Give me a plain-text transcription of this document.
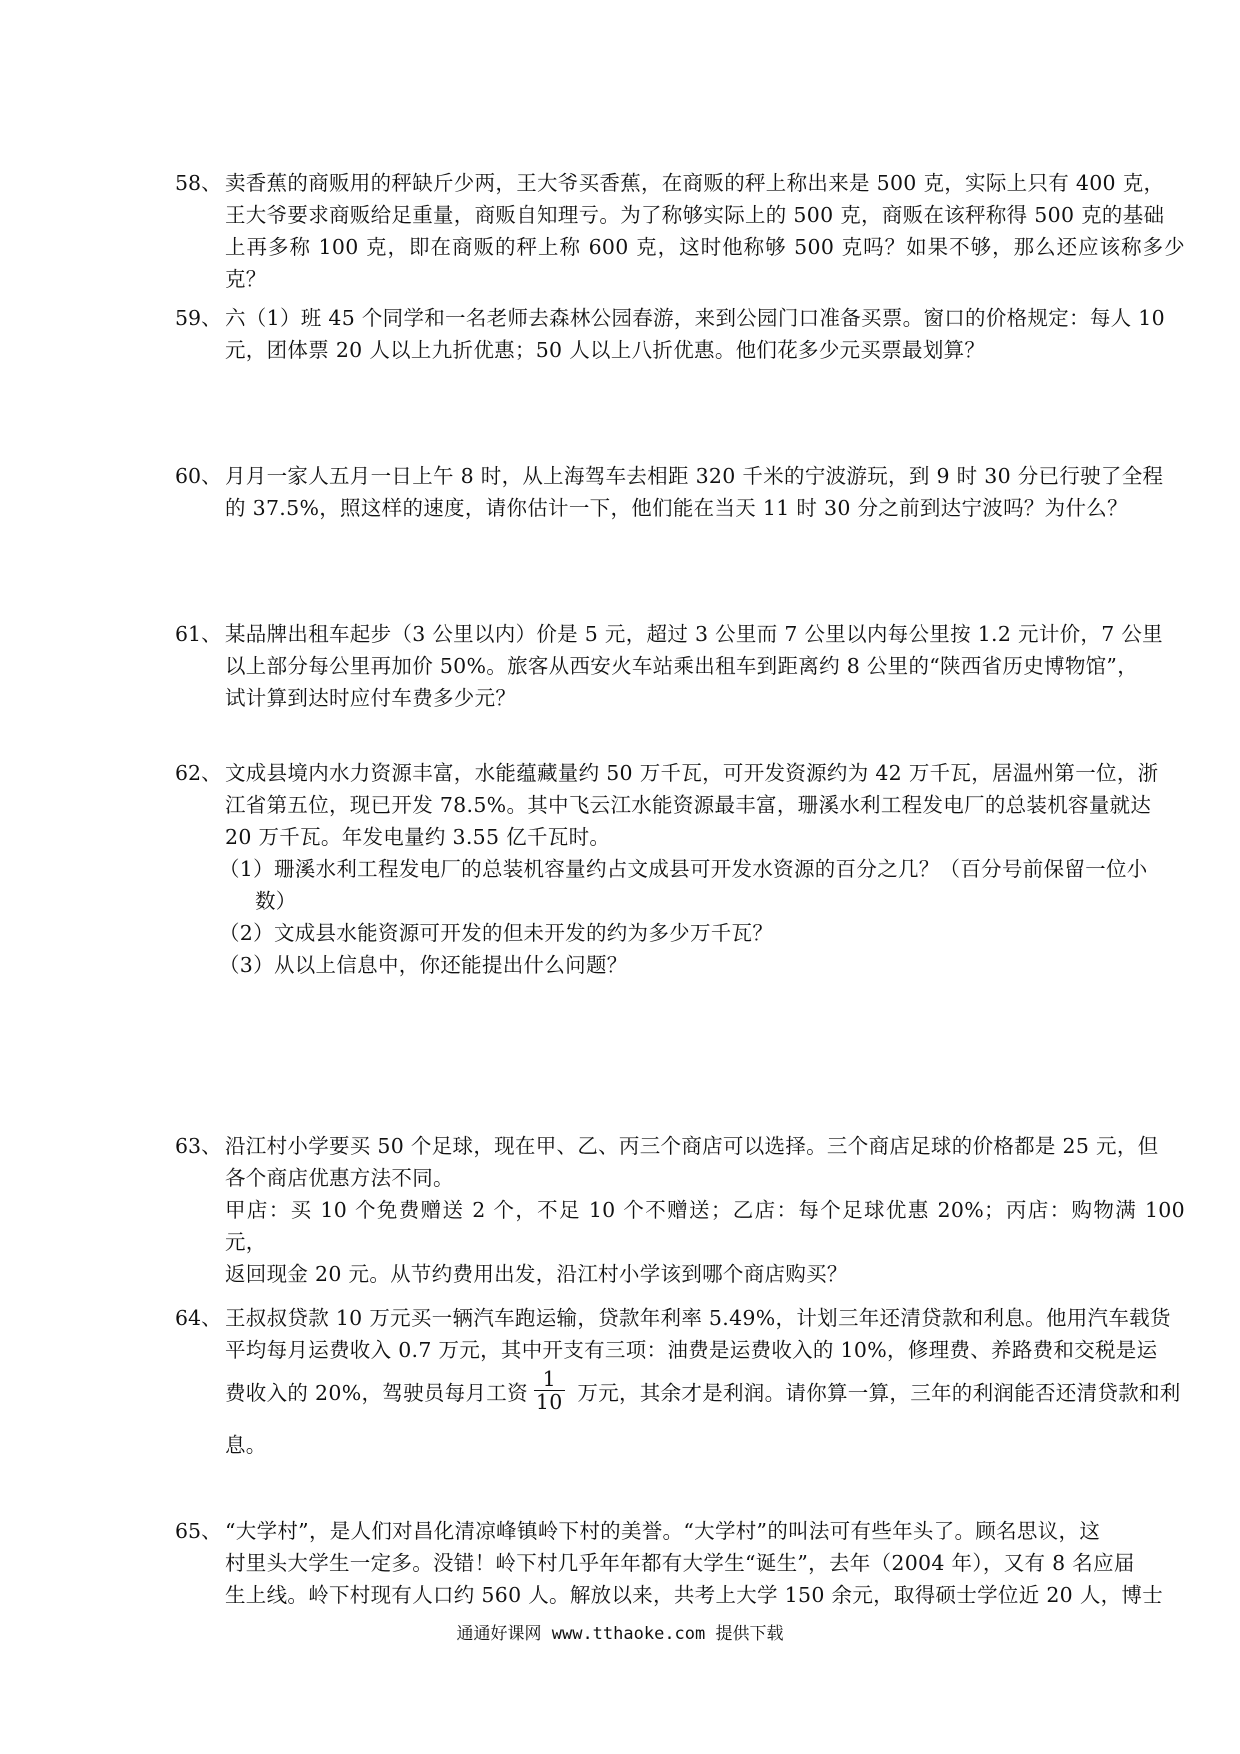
58、 卖香蕉的商贩用的秤缺斤少两，王大爷买香蕉，在商贩的秤上称出来是 500 克，实际上只有 400 克，
王大爷要求商贩给足重量，商贩自知理亏。为了称够实际上的 500 克，商贩在该秤称得 500 克的基础
上再多称 100 克，即在商贩的秤上称 600 克，这时他称够 500 克吗？如果不够，那么还应该称多少克？
59、 六（1）班 45 个同学和一名老师去森林公园春游，来到公园门口准备买票。窗口的价格规定：每人 10
元，团体票 20 人以上九折优惠；50 人以上八折优惠。他们花多少元买票最划算？
60、 月月一家人五月一日上午 8 时，从上海驾车去相距 320 千米的宁波游玩，到 9 时 30 分已行驶了全程
的 37.5%，照这样的速度，请你估计一下，他们能在当天 11 时 30 分之前到达宁波吗？为什么？
61、 某品牌出租车起步（3 公里以内）价是 5 元，超过 3 公里而 7 公里以内每公里按 1.2 元计价，7 公里
以上部分每公里再加价 50%。旅客从西安火车站乘出租车到距离约 8 公里的“陕西省历史博物馆”，
试计算到达时应付车费多少元？
62、 文成县境内水力资源丰富，水能蕴藏量约 50 万千瓦，可开发资源约为 42 万千瓦，居温州第一位，浙
江省第五位，现已开发 78.5%。其中飞云江水能资源最丰富，珊溪水利工程发电厂的总装机容量就达
20 万千瓦。年发电量约 3.55 亿千瓦时。
（1）珊溪水利工程发电厂的总装机容量约占文成县可开发水资源的百分之几？（百分号前保留一位小
数）
（2）文成县水能资源可开发的但未开发的约为多少万千瓦？
（3）从以上信息中，你还能提出什么问题？
63、 沿江村小学要买 50 个足球，现在甲、乙、丙三个商店可以选择。三个商店足球的价格都是 25 元，但
各个商店优惠方法不同。
甲店：买 10 个免费赠送 2 个，不足 10 个不赠送；乙店：每个足球优惠 20%；丙店：购物满 100 元，
返回现金 20 元。从节约费用出发，沿江村小学该到哪个商店购买？
64、 王叔叔贷款 10 万元买一辆汽车跑运输，贷款年利率 5.49%，计划三年还清贷款和利息。他用汽车载货
平均每月运费收入 0.7 万元，其中开支有三项：油费是运费收入的 10%，修理费、养路费和交税是运
费收入的 20%，驾驶员每月工资 $\frac{1}{10}$ 万元，其余才是利润。请你算一算，三年的利润能否还清贷款和利
息。
65、 “大学村”，是人们对昌化清凉峰镇岭下村的美誉。“大学村”的叫法可有些年头了。顾名思议，这
村里头大学生一定多。没错！岭下村几乎年年都有大学生“诞生”，去年（2004 年），又有 8 名应届
生上线。岭下村现有人口约 560 人。解放以来，共考上大学 150 余元，取得硕士学位近 20 人，博士
通通好课网 www.tthaoke.com 提供下载
